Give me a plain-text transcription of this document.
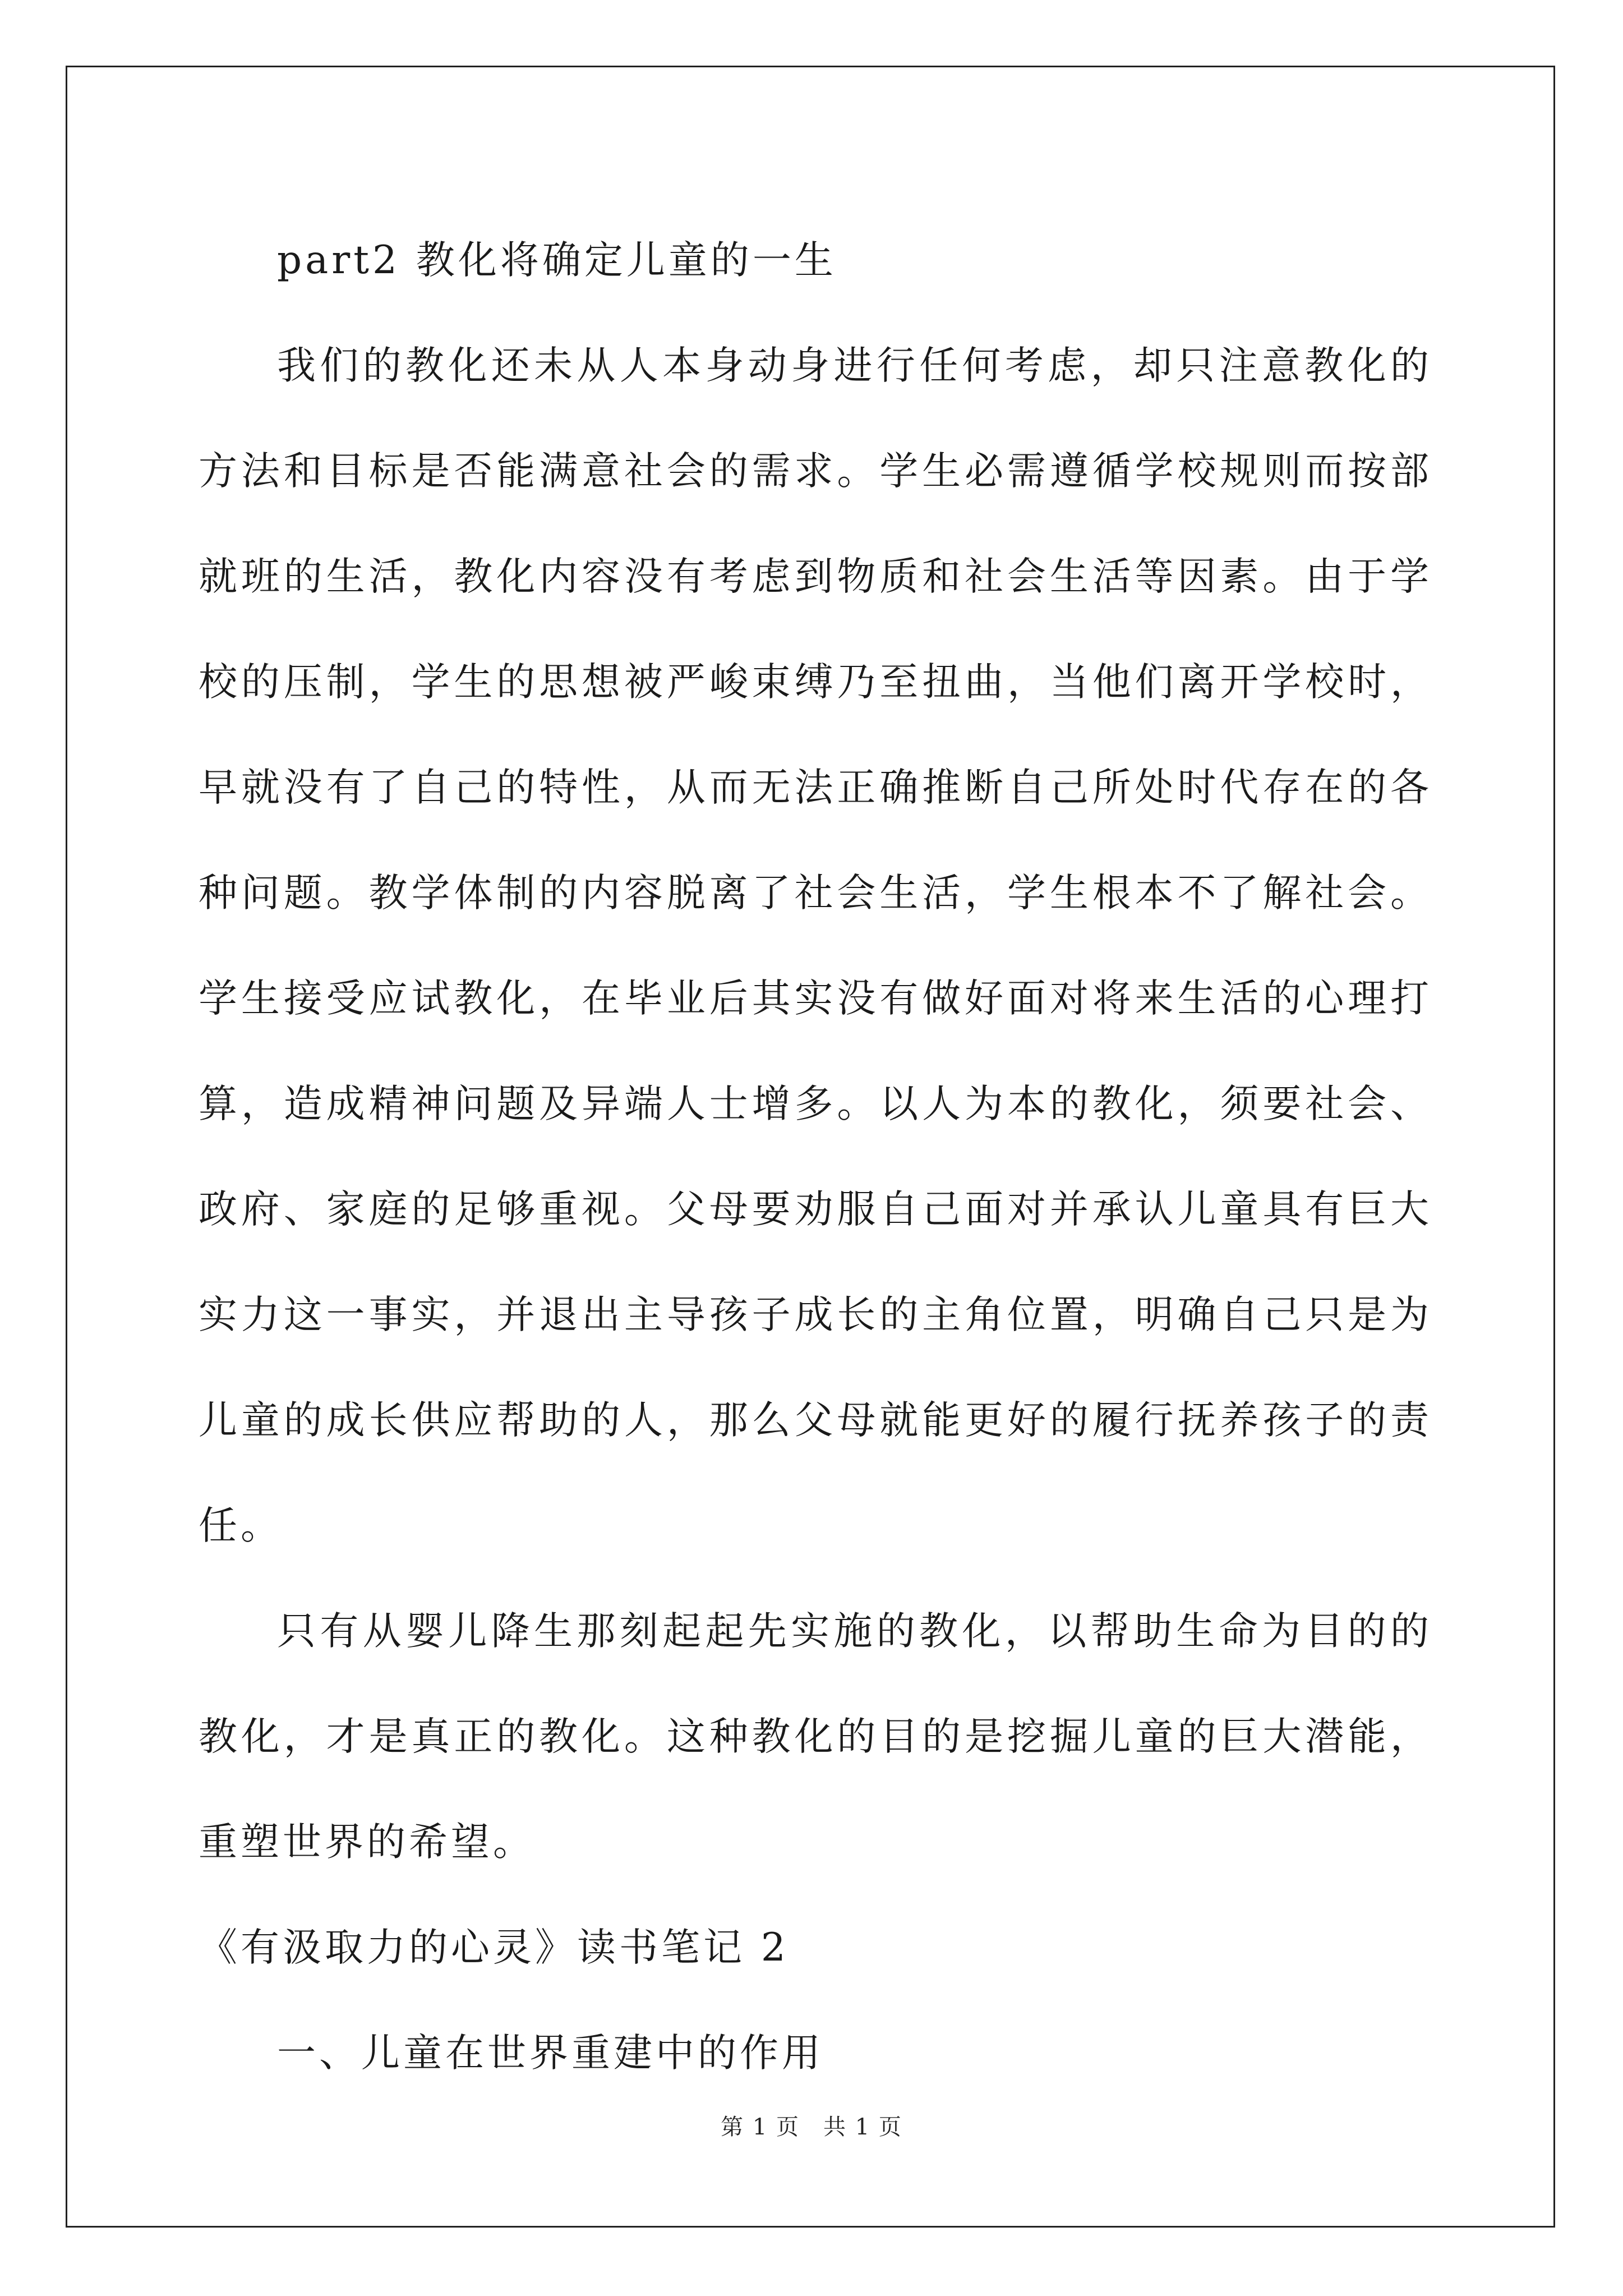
part2 教化将确定儿童的一生

我们的教化还未从人本身动身进行任何考虑，却只注意教化的方法和目标是否能满意社会的需求。学生必需遵循学校规则而按部就班的生活，教化内容没有考虑到物质和社会生活等因素。由于学校的压制，学生的思想被严峻束缚乃至扭曲，当他们离开学校时，早就没有了自己的特性，从而无法正确推断自己所处时代存在的各种问题。教学体制的内容脱离了社会生活，学生根本不了解社会。学生接受应试教化，在毕业后其实没有做好面对将来生活的心理打算，造成精神问题及异端人士增多。以人为本的教化，须要社会、政府、家庭的足够重视。父母要劝服自己面对并承认儿童具有巨大实力这一事实，并退出主导孩子成长的主角位置，明确自己只是为儿童的成长供应帮助的人，那么父母就能更好的履行抚养孩子的责任。

只有从婴儿降生那刻起起先实施的教化，以帮助生命为目的的教化，才是真正的教化。这种教化的目的是挖掘儿童的巨大潜能，重塑世界的希望。

《有汲取力的心灵》读书笔记 2

一、儿童在世界重建中的作用

第 1 页　共 1 页
